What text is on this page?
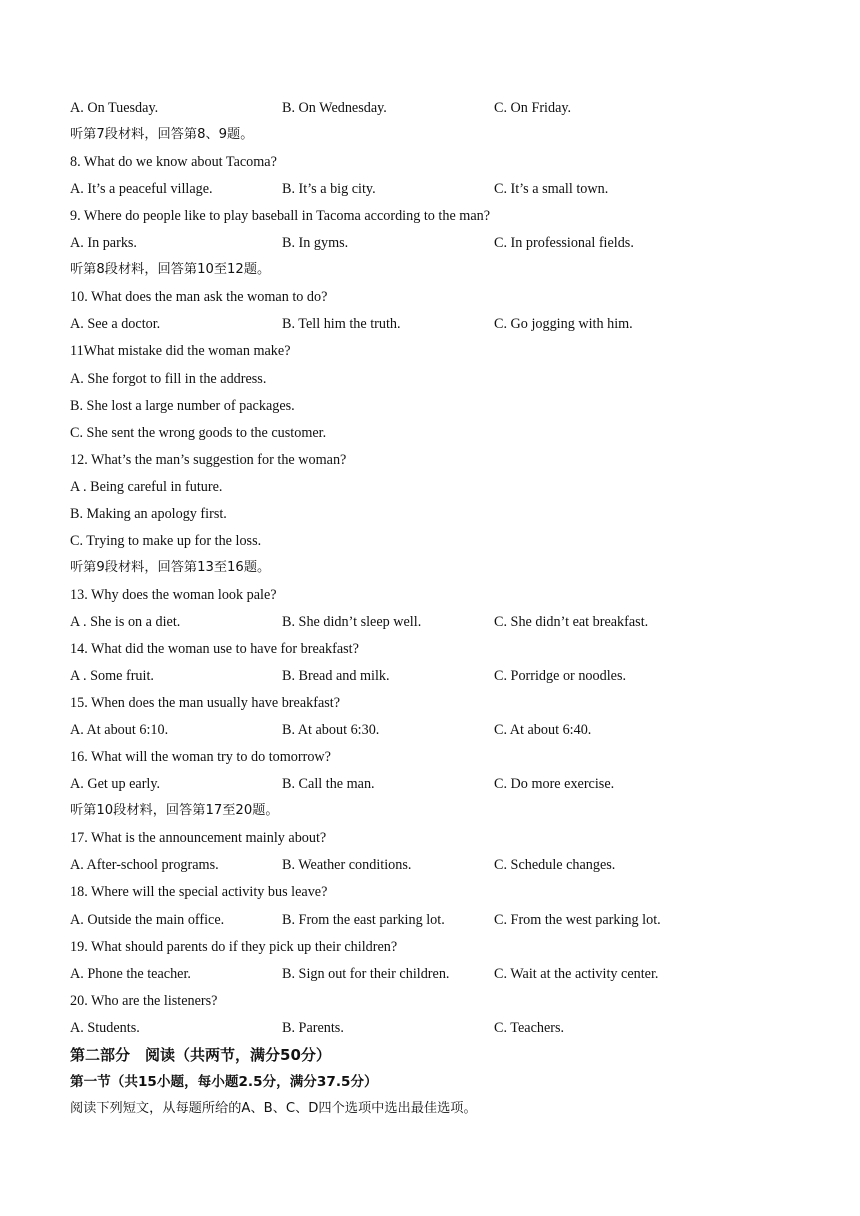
A. On Tuesday.	B. On Wednesday.	C. On Friday.
听第7段材料，回答第8、9题。
8. What do we know about Tacoma?
A. It’s a peaceful village.	B. It’s a big city.	C. It’s a small town.
9. Where do people like to play baseball in Tacoma according to the man?
A. In parks.	B. In gyms.	C. In professional fields.
听第8段材料，回答第10至12题。
10. What does the man ask the woman to do?
A. See a doctor.	B. Tell him the truth.	C. Go jogging with him.
11What mistake did the woman make?
A. She forgot to fill in the address.
B. She lost a large number of packages.
C. She sent the wrong goods to the customer.
12. What’s the man’s suggestion for the woman?
A . Being careful in future.
B. Making an apology first.
C. Trying to make up for the loss.
听第9段材料，回答第13至16题。
13. Why does the woman look pale?
A . She is on a diet.	B. She didn’t sleep well.	C. She didn’t eat breakfast.
14. What did the woman use to have for breakfast?
A . Some fruit.	B. Bread and milk.	C. Porridge or noodles.
15. When does the man usually have breakfast?
A. At about 6:10.	B. At about 6:30.	C. At about 6:40.
16. What will the woman try to do tomorrow?
A. Get up early.	B. Call the man.	C. Do more exercise.
听第10段材料，回答第17至20题。
17. What is the announcement mainly about?
A. After-school programs.	B. Weather conditions.	C. Schedule changes.
18. Where will the special activity bus leave?
A. Outside the main office.	B. From the east parking lot.	C. From the west parking lot.
19. What should parents do if they pick up their children?
A. Phone the teacher.	B. Sign out for their children.	C. Wait at the activity center.
20. Who are the listeners?
A. Students.	B. Parents.	C. Teachers.
第二部分　阅读（共两节，满分50分）
第一节（共15小题，每小题2.5分，满分37.5分）
阅读下列短文，从每题所给的A、B、C、D四个选项中选出最佳选项。
